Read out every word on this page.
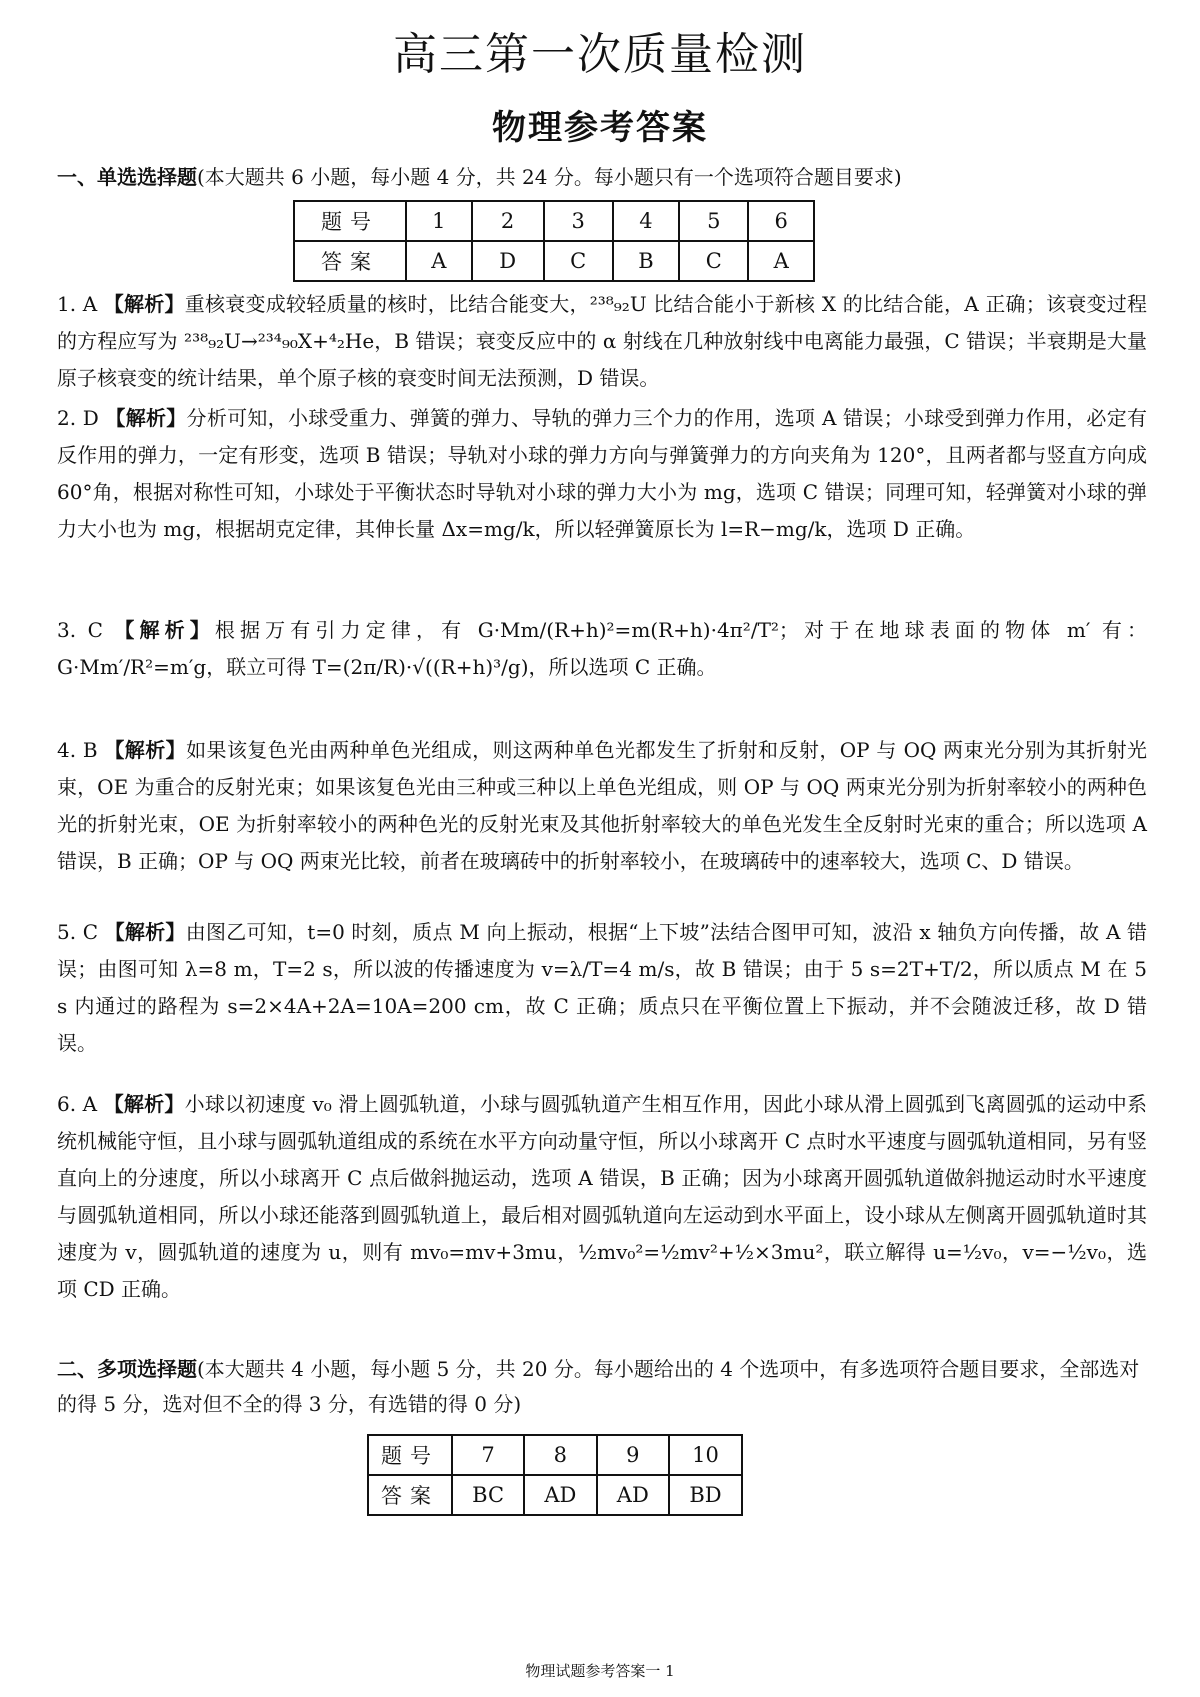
高三第一次质量检测
物理参考答案
一、单选选择题(本大题共 6 小题，每小题 4 分，共 24 分。每小题只有一个选项符合题目要求)
题号	1	2	3	4	5	6
答案	A	D	C	B	C	A

1. A 【解析】重核衰变成较轻质量的核时，比结合能变大，²³⁸₉₂U 比结合能小于新核 X 的比结合能，A 正确；该衰变过程的方程应写为 ²³⁸₉₂U→²³⁴₉₀X+⁴₂He，B 错误；衰变反应中的 α 射线在几种放射线中电离能力最强，C 错误；半衰期是大量原子核衰变的统计结果，单个原子核的衰变时间无法预测，D 错误。

2. D 【解析】分析可知，小球受重力、弹簧的弹力、导轨的弹力三个力的作用，选项 A 错误；小球受到弹力作用，必定有反作用的弹力，一定有形变，选项 B 错误；导轨对小球的弹力方向与弹簧弹力的方向夹角为 120°，且两者都与竖直方向成 60°角，根据对称性可知，小球处于平衡状态时导轨对小球的弹力大小为 mg，选项 C 错误；同理可知，轻弹簧对小球的弹力大小也为 mg，根据胡克定律，其伸长量 Δx=mg/k，所以轻弹簧原长为 l=R−mg/k，选项 D 正确。

3. C 【解析】根据万有引力定律，有 G·Mm/(R+h)²=m(R+h)·4π²/T²；对于在地球表面的物体 m′ 有：G·Mm′/R²=m′g，联立可得 T=(2π/R)·√((R+h)³/g)，所以选项 C 正确。

4. B 【解析】如果该复色光由两种单色光组成，则这两种单色光都发生了折射和反射，OP 与 OQ 两束光分别为其折射光束，OE 为重合的反射光束；如果该复色光由三种或三种以上单色光组成，则 OP 与 OQ 两束光分别为折射率较小的两种色光的折射光束，OE 为折射率较小的两种色光的反射光束及其他折射率较大的单色光发生全反射时光束的重合；所以选项 A 错误，B 正确；OP 与 OQ 两束光比较，前者在玻璃砖中的折射率较小，在玻璃砖中的速率较大，选项 C、D 错误。

5. C 【解析】由图乙可知，t=0 时刻，质点 M 向上振动，根据“上下坡”法结合图甲可知，波沿 x 轴负方向传播，故 A 错误；由图可知 λ=8 m，T=2 s，所以波的传播速度为 v=λ/T=4 m/s，故 B 错误；由于 5 s=2T+T/2，所以质点 M 在 5 s 内通过的路程为 s=2×4A+2A=10A=200 cm，故 C 正确；质点只在平衡位置上下振动，并不会随波迁移，故 D 错误。

6. A 【解析】小球以初速度 v₀ 滑上圆弧轨道，小球与圆弧轨道产生相互作用，因此小球从滑上圆弧到飞离圆弧的运动中系统机械能守恒，且小球与圆弧轨道组成的系统在水平方向动量守恒，所以小球离开 C 点时水平速度与圆弧轨道相同，另有竖直向上的分速度，所以小球离开 C 点后做斜抛运动，选项 A 错误，B 正确；因为小球离开圆弧轨道做斜抛运动时水平速度与圆弧轨道相同，所以小球还能落到圆弧轨道上，最后相对圆弧轨道向左运动到水平面上，设小球从左侧离开圆弧轨道时其速度为 v，圆弧轨道的速度为 u，则有 mv₀=mv+3mu，½mv₀²=½mv²+½×3mu²，联立解得 u=½v₀，v=−½v₀，选项 CD 正确。

二、多项选择题(本大题共 4 小题，每小题 5 分，共 20 分。每小题给出的 4 个选项中，有多选项符合题目要求，全部选对的得 5 分，选对但不全的得 3 分，有选错的得 0 分)
题号	7	8	9	10
答案	BC	AD	AD	BD
物理试题参考答案一 1
